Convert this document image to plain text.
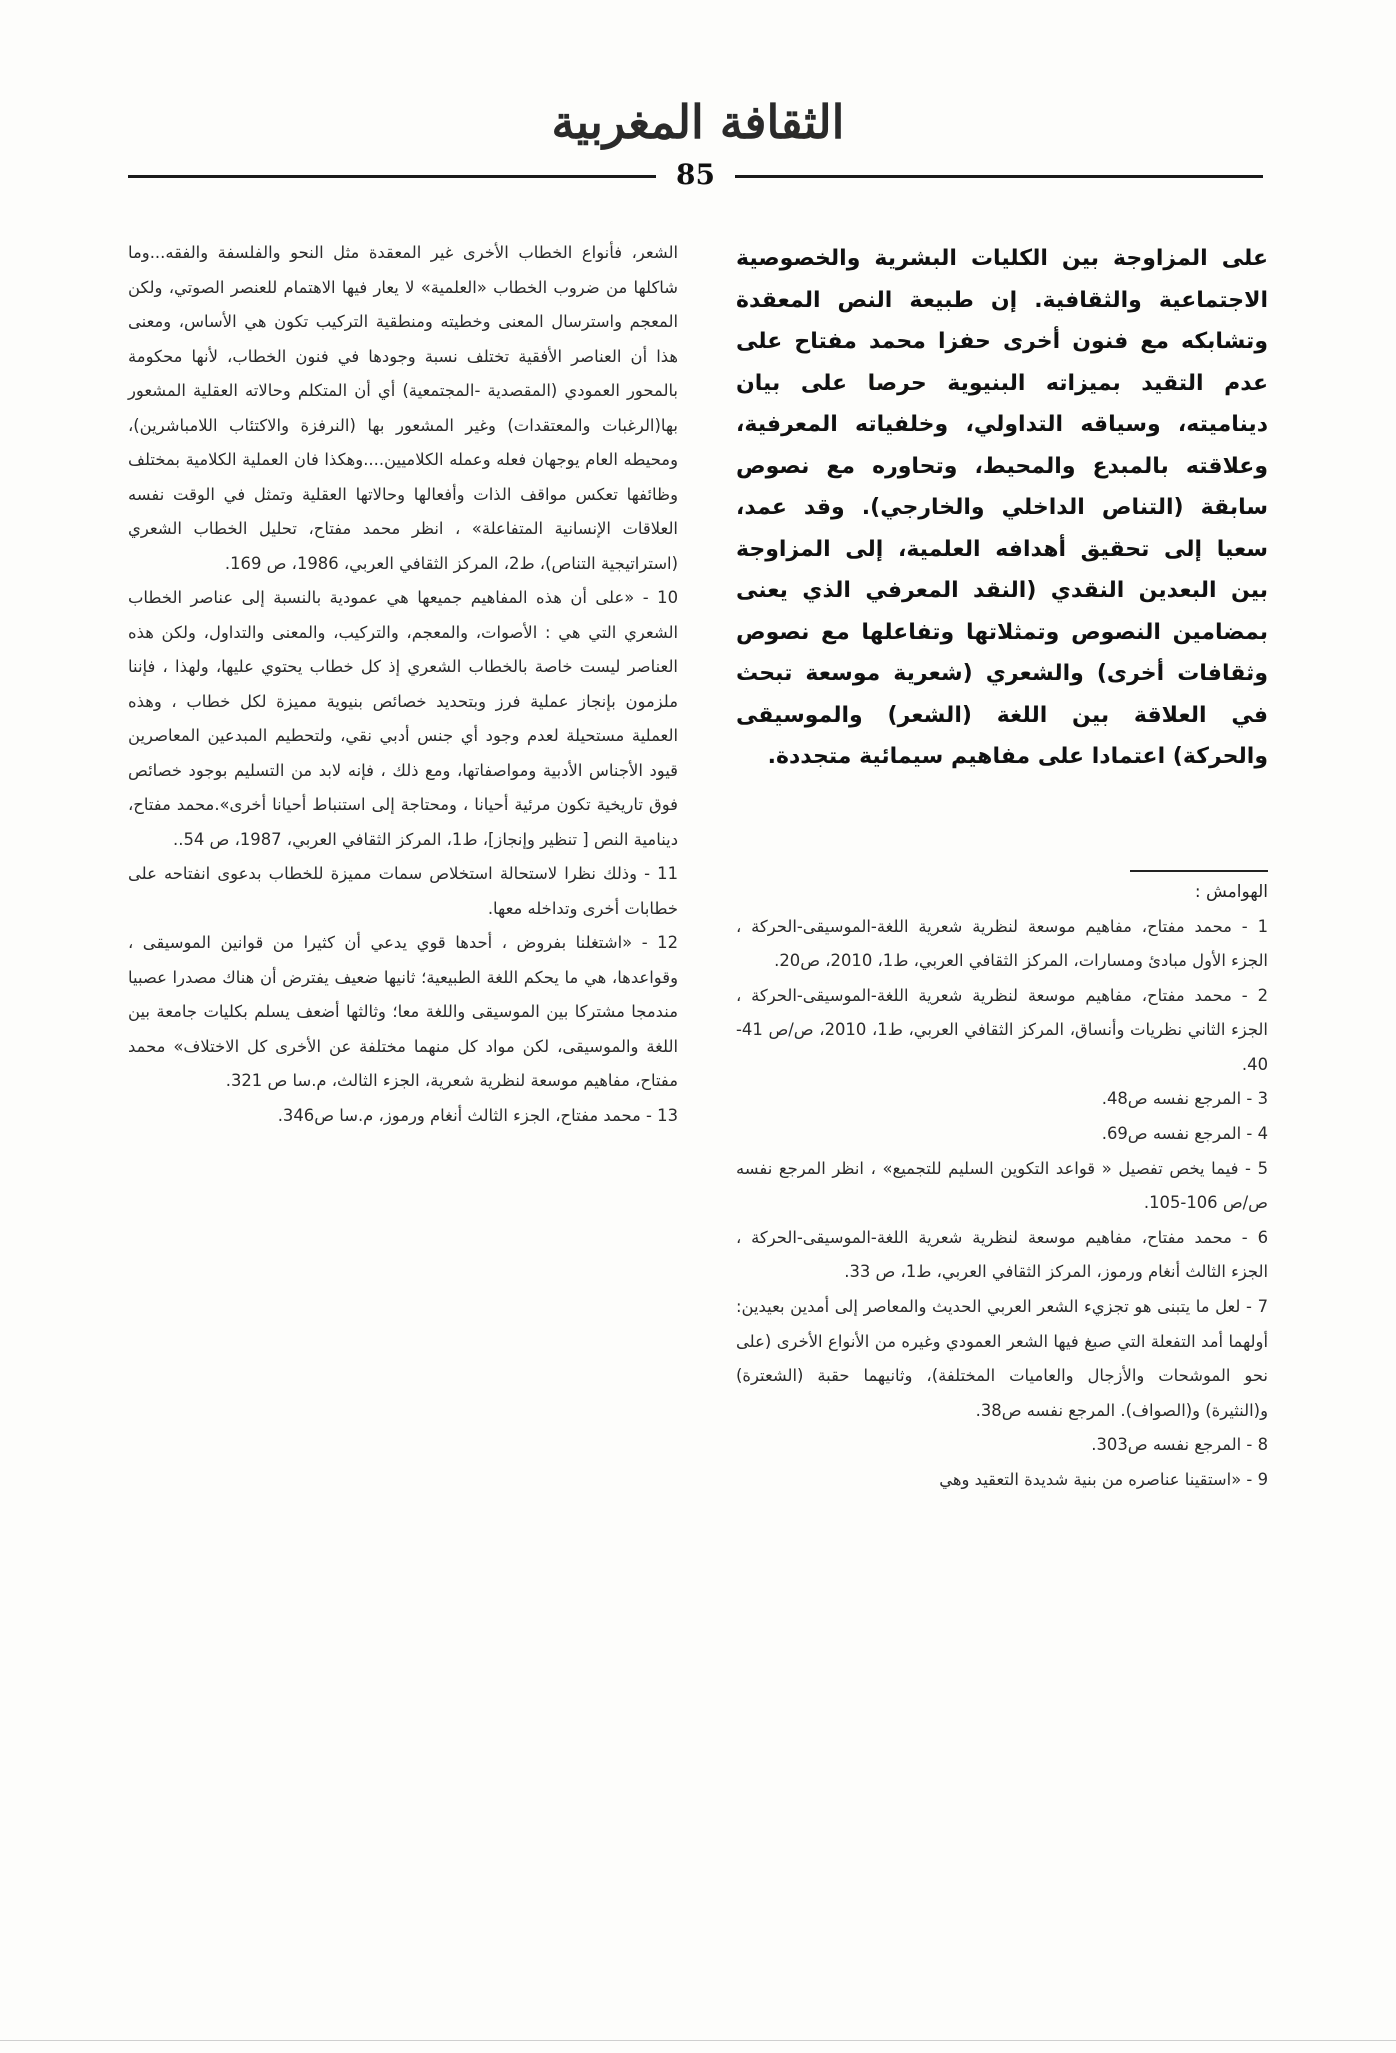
الثقافة المغربية
85

على المزاوجة بين الكليات البشرية والخصوصية الاجتماعية والثقافية. إن طبيعة النص المعقدة وتشابكه مع فنون أخرى حفزا محمد مفتاح على عدم التقيد بميزاته البنيوية حرصا على بيان ديناميته، وسياقه التداولي، وخلفياته المعرفية، وعلاقته بالمبدع والمحيط، وتحاوره مع نصوص سابقة (التناص الداخلي والخارجي). وقد عمد، سعيا إلى تحقيق أهدافه العلمية، إلى المزاوجة بين البعدين النقدي (النقد المعرفي الذي يعنى بمضامين النصوص وتمثلاتها وتفاعلها مع نصوص وثقافات أخرى) والشعري (شعرية موسعة تبحث في العلاقة بين اللغة (الشعر) والموسيقى والحركة) اعتمادا على مفاهيم سيمائية متجددة.

الهوامش :

1 - محمد مفتاح، مفاهيم موسعة لنظرية شعرية اللغة-الموسيقى-الحركة ، الجزء الأول مبادئ ومسارات، المركز الثقافي العربي، ط1، 2010، ص20.

2 - محمد مفتاح، مفاهيم موسعة لنظرية شعرية اللغة-الموسيقى-الحركة ، الجزء الثاني نظريات وأنساق، المركز الثقافي العربي، ط1، 2010، ص/ص 41-40.

3 - المرجع نفسه ص48.

4 - المرجع نفسه ص69.

5 - فيما يخص تفصيل « قواعد التكوين السليم للتجميع» ، انظر المرجع نفسه ص/ص 106-105.

6 - محمد مفتاح، مفاهيم موسعة لنظرية شعرية اللغة-الموسيقى-الحركة ، الجزء الثالث أنغام ورموز، المركز الثقافي العربي، ط1، ص 33.

7 - لعل ما يتبنى هو تجزيء الشعر العربي الحديث والمعاصر إلى أمدين بعيدين: أولهما أمد التفعلة التي صبغ فيها الشعر العمودي وغيره من الأنواع الأخرى (على نحو الموشحات والأزجال والعاميات المختلفة)، وثانيهما حقبة (الشعترة) و(النثيرة) و(الصواف). المرجع نفسه ص38.

8 - المرجع نفسه ص303.

9 - «استقينا عناصره من بنية شديدة التعقيد وهي

الشعر، فأنواع الخطاب الأخرى غير المعقدة مثل النحو والفلسفة والفقه...وما شاكلها من ضروب الخطاب «العلمية» لا يعار فيها الاهتمام للعنصر الصوتي، ولكن المعجم واسترسال المعنى وخطيته ومنطقية التركيب تكون هي الأساس، ومعنى هذا أن العناصر الأفقية تختلف نسبة وجودها في فنون الخطاب، لأنها محكومة بالمحور العمودي (المقصدية -المجتمعية) أي أن المتكلم وحالاته العقلية المشعور بها(الرغبات والمعتقدات) وغير المشعور بها (النرفزة والاكتئاب اللامباشرين)، ومحيطه العام يوجهان فعله وعمله الكلاميين....وهكذا فان العملية الكلامية بمختلف وظائفها تعكس مواقف الذات وأفعالها وحالاتها العقلية وتمثل في الوقت نفسه العلاقات الإنسانية المتفاعلة» ، انظر محمد مفتاح، تحليل الخطاب الشعري (استراتيجية التناص)، ط2، المركز الثقافي العربي، 1986، ص 169.

10 - «على أن هذه المفاهيم جميعها هي عمودية بالنسبة إلى عناصر الخطاب الشعري التي هي : الأصوات، والمعجم، والتركيب، والمعنى والتداول، ولكن هذه العناصر ليست خاصة بالخطاب الشعري إذ كل خطاب يحتوي عليها، ولهذا ، فإننا ملزمون بإنجاز عملية فرز وبتحديد خصائص بنيوية مميزة لكل خطاب ، وهذه العملية مستحيلة لعدم وجود أي جنس أدبي نقي، ولتحطيم المبدعين المعاصرين قيود الأجناس الأدبية ومواصفاتها، ومع ذلك ، فإنه لابد من التسليم بوجود خصائص فوق تاريخية تكون مرئية أحيانا ، ومحتاجة إلى استنباط أحيانا أخرى».محمد مفتاح، دينامية النص [ تنظير وإنجاز]، ط1، المركز الثقافي العربي، 1987، ص 54..

11 - وذلك نظرا لاستحالة استخلاص سمات مميزة للخطاب بدعوى انفتاحه على خطابات أخرى وتداخله معها.

12 - «اشتغلنا بفروض ، أحدها قوي يدعي أن كثيرا من قوانين الموسيقى ، وقواعدها، هي ما يحكم اللغة الطبيعية؛ ثانيها ضعيف يفترض أن هناك مصدرا عصبيا مندمجا مشتركا بين الموسيقى واللغة معا؛ وثالثها أضعف يسلم بكليات جامعة بين اللغة والموسيقى، لكن مواد كل منهما مختلفة عن الأخرى كل الاختلاف» محمد مفتاح، مفاهيم موسعة لنظرية شعرية، الجزء الثالث، م.سا ص 321.

13 - محمد مفتاح، الجزء الثالث أنغام ورموز، م.سا ص346.
